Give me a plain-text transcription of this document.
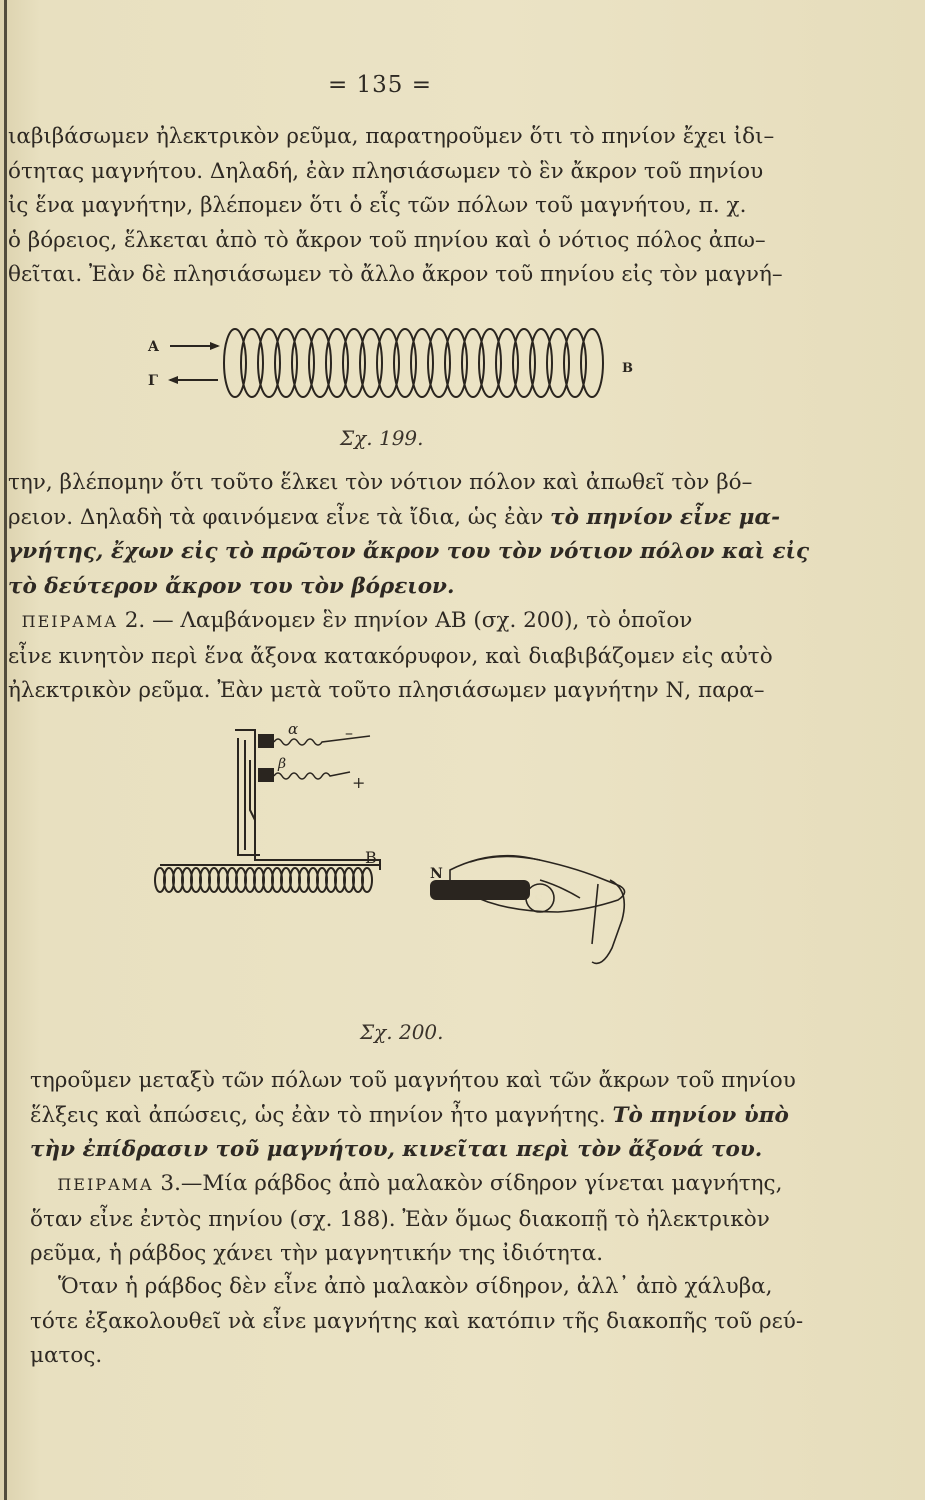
= 135 =
ιαβιβάσωμεν ἠλεκτρικὸν ρεῦμα, παρατηροῦμεν ὅτι τὸ πηνίον ἔχει ἰδι–
ότητας μαγνήτου. Δηλαδή, ἐὰν πλησιάσωμεν τὸ ἓν ἄκρον τοῦ πηνίου
ἰς ἕνα μαγνήτην, βλέπομεν ὅτι ὁ εἷς τῶν πόλων τοῦ μαγνήτου, π. χ.
ὁ βόρειος, ἕλκεται ἀπὸ τὸ ἄκρον τοῦ πηνίου καὶ ὁ νότιος πόλος ἀπω–
θεῖται. Ἐὰν δὲ πλησιάσωμεν τὸ ἄλλο ἄκρον τοῦ πηνίου εἰς τὸν μαγνή–
Α
Γ
Β
Σχ. 199.
την, βλέπομην ὅτι τοῦτο ἕλκει τὸν νότιον πόλον καὶ ἀπωθεῖ τὸν βό–
ρειον. Δηλαδὴ τὰ φαινόμενα εἶνε τὰ ἴδια, ὡς ἐὰν τὸ πηνίον εἶνε μα-
γνήτης, ἔχων εἰς τὸ πρῶτον ἄκρον του τὸν νότιον πόλον καὶ εἰς
τὸ δεύτερον ἄκρον του τὸν βόρειον.
ΠΕΙΡΑΜΑ 2. — Λαμβάνομεν ἓν πηνίον ΑΒ (σχ. 200), τὸ ὁποῖον
εἶνε κινητὸν περὶ ἕνα ἄξονα κατακόρυφον, καὶ διαβιβάζομεν εἰς αὐτὸ
ἠλεκτρικὸν ρεῦμα. Ἐὰν μετὰ τοῦτο πλησιάσωμεν μαγνήτην Ν, παρα–
α
β
–
+
Β
N
S
Σχ. 200.
τηροῦμεν μεταξὺ τῶν πόλων τοῦ μαγνήτου καὶ τῶν ἄκρων τοῦ πηνίου
ἕλξεις καὶ ἀπώσεις, ὡς ἐὰν τὸ πηνίον ἦτο μαγνήτης. Τὸ πηνίον ὑπὸ
τὴν ἐπίδρασιν τοῦ μαγνήτου, κινεῖται περὶ τὸν ἄξονά του.
ΠΕΙΡΑΜΑ 3.—Μία ράβδος ἀπὸ μαλακὸν σίδηρον γίνεται μαγνήτης,
ὅταν εἶνε ἐντὸς πηνίου (σχ. 188). Ἐὰν ὅμως διακοπῇ τὸ ἠλεκτρικὸν
ρεῦμα, ἡ ράβδος χάνει τὴν μαγνητικήν της ἰδιότητα.
Ὅταν ἡ ράβδος δὲν εἶνε ἀπὸ μαλακὸν σίδηρον, ἀλλ᾽ ἀπὸ χάλυβα,
τότε ἐξακολουθεῖ νὰ εἶνε μαγνήτης καὶ κατόπιν τῆς διακοπῆς τοῦ ρεύ-
ματος.
